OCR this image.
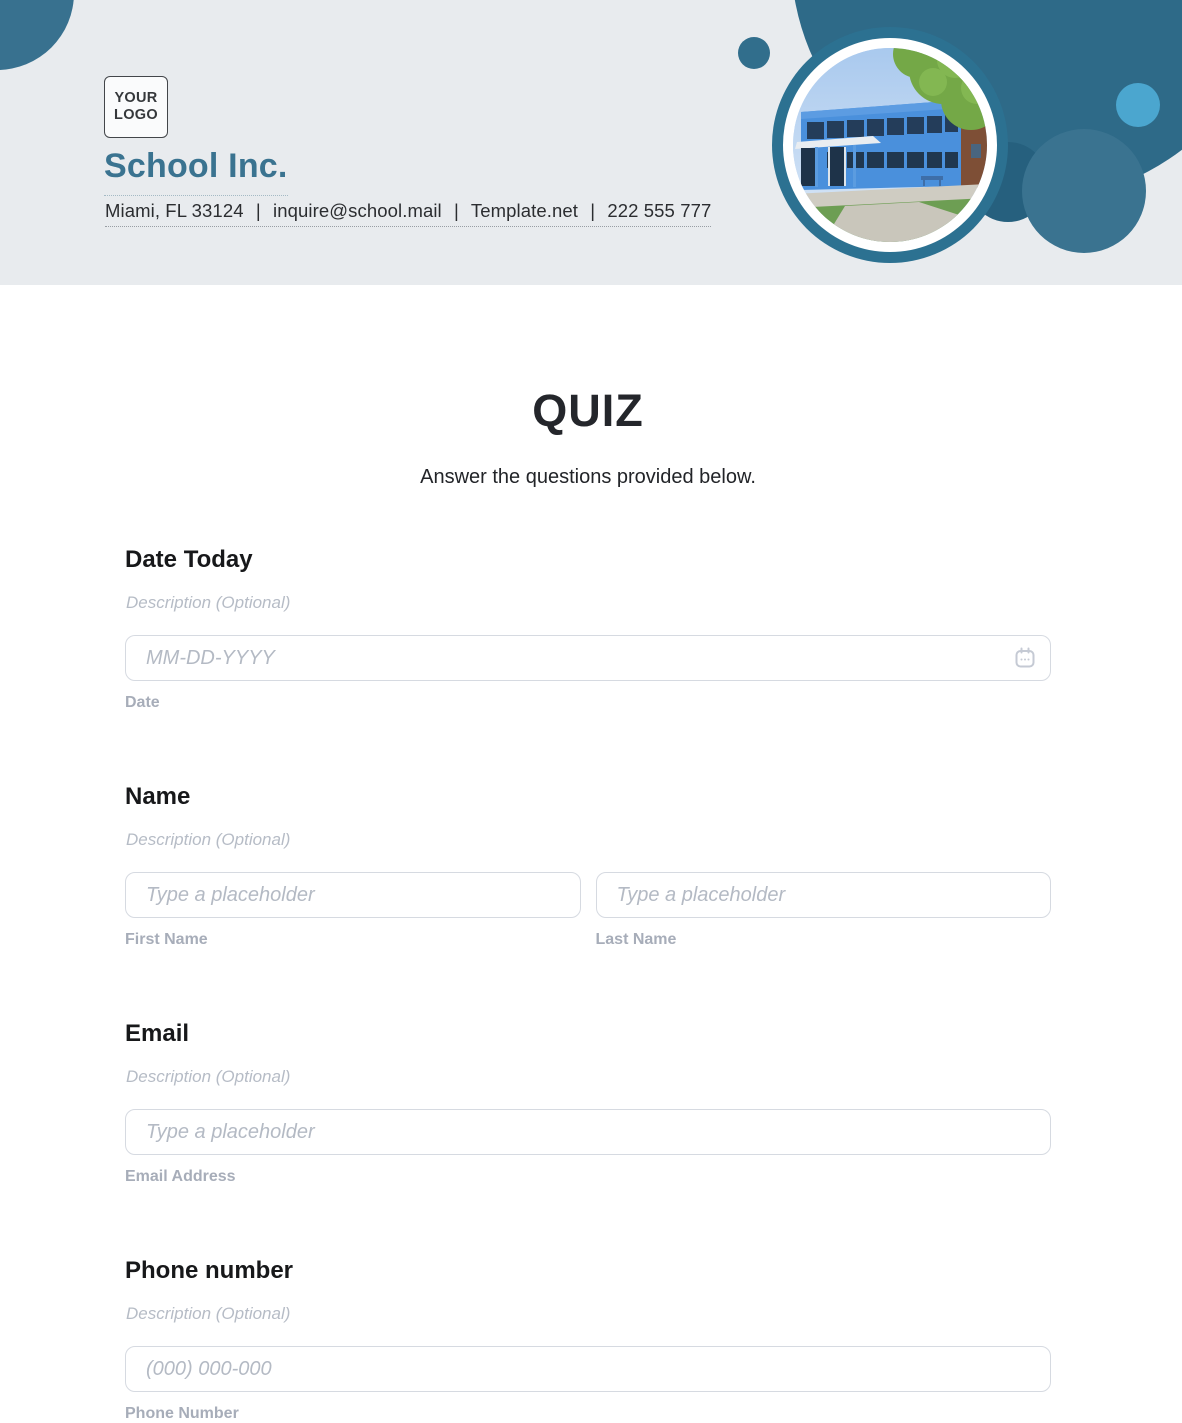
YOUR
LOGO
School Inc.
Miami, FL 33124 | inquire@school.mail | Template.net | 222 555 777
QUIZ

Answer the questions provided below.

Date Today

Description (Optional)

MM-DD-YYYY
Date
Name

Description (Optional)

Type a placeholder
First Name
Type a placeholder	Last Name
Email

Description (Optional)

Type a placeholder
Email Address
Phone number

Description (Optional)

(000) 000-000
Phone Number
